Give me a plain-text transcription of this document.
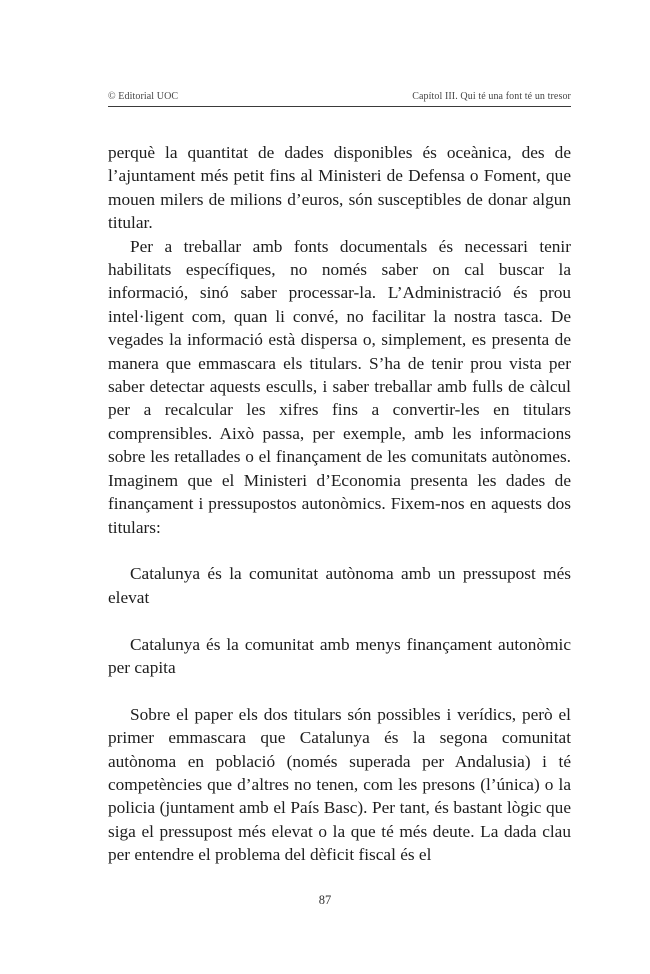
© Editorial UOC	Capítol III. Qui té una font té un tresor

perquè la quantitat de dades disponibles és oceànica, des de l’ajuntament més petit fins al Ministeri de Defensa o Foment, que mouen milers de milions d’euros, són susceptibles de donar algun titular.

Per a treballar amb fonts documentals és necessari tenir habilitats específiques, no només saber on cal buscar la informació, sinó saber processar-la. L’Administració és prou intel·ligent com, quan li convé, no facilitar la nostra tasca. De vegades la informació està dispersa o, simplement, es presenta de manera que emmascara els titulars. S’ha de tenir prou vista per saber detectar aquests esculls, i saber treballar amb fulls de càlcul per a recalcular les xifres fins a convertir-les en titulars comprensibles. Això passa, per exemple, amb les informacions sobre les retallades o el finançament de les comunitats autònomes. Imaginem que el Ministeri d’Economia presenta les dades de finançament i pressupostos autonòmics. Fixem-nos en aquests dos titulars:

Catalunya és la comunitat autònoma amb un pressupost més elevat

Catalunya és la comunitat amb menys finançament autonòmic per capita

Sobre el paper els dos titulars són possibles i verídics, però el primer emmascara que Catalunya és la segona comunitat autònoma en població (només superada per Andalusia) i té competències que d’altres no tenen, com les presons (l’única) o la policia (juntament amb el País Basc). Per tant, és bastant lògic que siga el pressupost més elevat o la que té més deute. La dada clau per entendre el problema del dèficit fiscal és el

87
